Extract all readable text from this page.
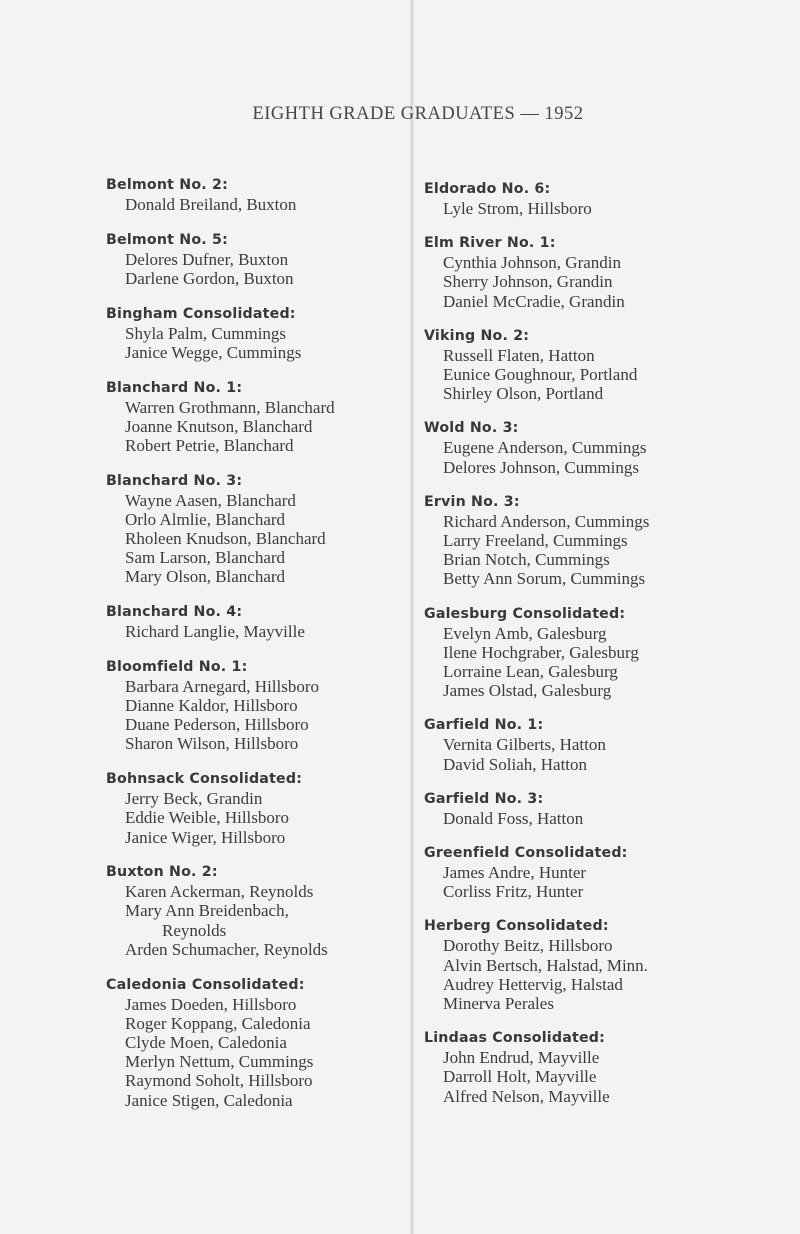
EIGHTH GRADE GRADUATES — 1952
Belmont No. 2:
Donald Breiland, Buxton
Belmont No. 5:
Delores Dufner, Buxton
Darlene Gordon, Buxton
Bingham Consolidated:
Shyla Palm, Cummings
Janice Wegge, Cummings
Blanchard No. 1:
Warren Grothmann, Blanchard
Joanne Knutson, Blanchard
Robert Petrie, Blanchard
Blanchard No. 3:
Wayne Aasen, Blanchard
Orlo Almlie, Blanchard
Rholeen Knudson, Blanchard
Sam Larson, Blanchard
Mary Olson, Blanchard
Blanchard No. 4:
Richard Langlie, Mayville
Bloomfield No. 1:
Barbara Arnegard, Hillsboro
Dianne Kaldor, Hillsboro
Duane Pederson, Hillsboro
Sharon Wilson, Hillsboro
Bohnsack Consolidated:
Jerry Beck, Grandin
Eddie Weible, Hillsboro
Janice Wiger, Hillsboro
Buxton No. 2:
Karen Ackerman, Reynolds
Mary Ann Breidenbach,
Reynolds
Arden Schumacher, Reynolds
Caledonia Consolidated:
James Doeden, Hillsboro
Roger Koppang, Caledonia
Clyde Moen, Caledonia
Merlyn Nettum, Cummings
Raymond Soholt, Hillsboro
Janice Stigen, Caledonia
Eldorado No. 6:
Lyle Strom, Hillsboro
Elm River No. 1:
Cynthia Johnson, Grandin
Sherry Johnson, Grandin
Daniel McCradie, Grandin
Viking No. 2:
Russell Flaten, Hatton
Eunice Goughnour, Portland
Shirley Olson, Portland
Wold No. 3:
Eugene Anderson, Cummings
Delores Johnson, Cummings
Ervin No. 3:
Richard Anderson, Cummings
Larry Freeland, Cummings
Brian Notch, Cummings
Betty Ann Sorum, Cummings
Galesburg Consolidated:
Evelyn Amb, Galesburg
Ilene Hochgraber, Galesburg
Lorraine Lean, Galesburg
James Olstad, Galesburg
Garfield No. 1:
Vernita Gilberts, Hatton
David Soliah, Hatton
Garfield No. 3:
Donald Foss, Hatton
Greenfield Consolidated:
James Andre, Hunter
Corliss Fritz, Hunter
Herberg Consolidated:
Dorothy Beitz, Hillsboro
Alvin Bertsch, Halstad, Minn.
Audrey Hettervig, Halstad
Minerva Perales
Lindaas Consolidated:
John Endrud, Mayville
Darroll Holt, Mayville
Alfred Nelson, Mayville
